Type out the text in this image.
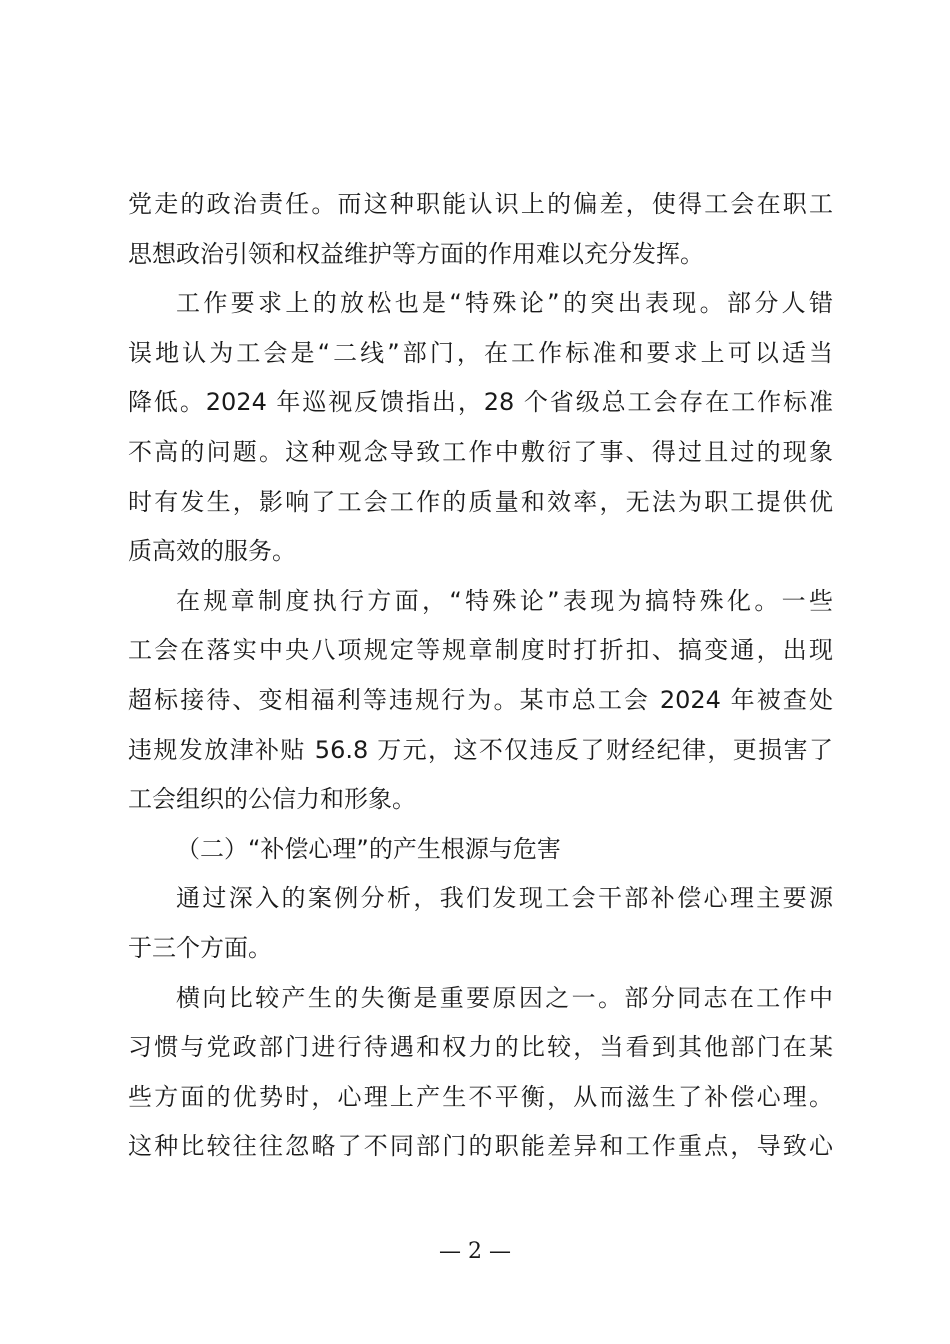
党走的政治责任。而这种职能认识上的偏差，使得工会在职工
思想政治引领和权益维护等方面的作用难以充分发挥。
工作要求上的放松也是“特殊论”的突出表现。部分人错
误地认为工会是“二线”部门，在工作标准和要求上可以适当
降低。2024 年巡视反馈指出，28 个省级总工会存在工作标准
不高的问题。这种观念导致工作中敷衍了事、得过且过的现象
时有发生，影响了工会工作的质量和效率，无法为职工提供优
质高效的服务。
在规章制度执行方面，“特殊论”表现为搞特殊化。一些
工会在落实中央八项规定等规章制度时打折扣、搞变通，出现
超标接待、变相福利等违规行为。某市总工会 2024 年被查处
违规发放津补贴 56.8 万元，这不仅违反了财经纪律，更损害了
工会组织的公信力和形象。
（二）“补偿心理”的产生根源与危害
通过深入的案例分析，我们发现工会干部补偿心理主要源
于三个方面。
横向比较产生的失衡是重要原因之一。部分同志在工作中
习惯与党政部门进行待遇和权力的比较，当看到其他部门在某
些方面的优势时，心理上产生不平衡，从而滋生了补偿心理。
这种比较往往忽略了不同部门的职能差异和工作重点，导致心
— 2 —
